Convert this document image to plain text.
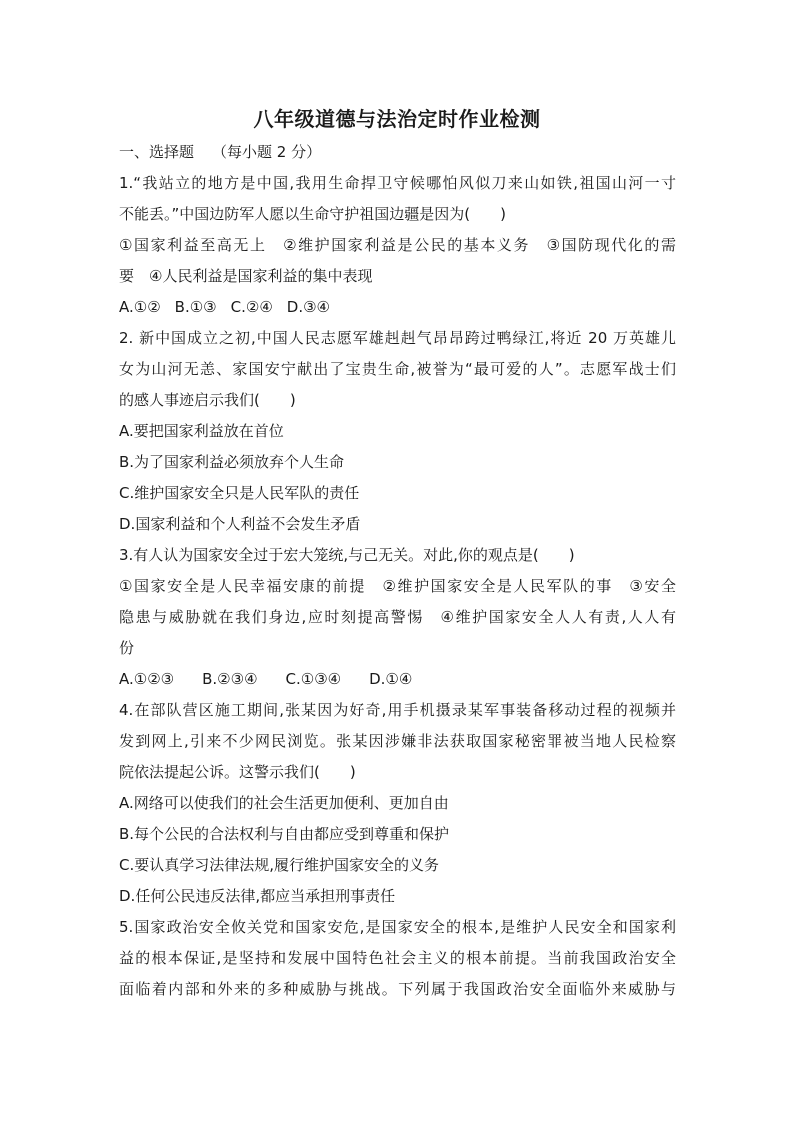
八年级道德与法治定时作业检测
一、选择题 （每小题 2 分）
1.“我站立的地方是中国,我用生命捍卫守候哪怕风似刀来山如铁,祖国山河一寸
不能丢。”中国边防军人愿以生命守护祖国边疆是因为(　　)
①国家利益至高无上　②维护国家利益是公民的基本义务　③国防现代化的需
要　④人民利益是国家利益的集中表现
A.①② B.①③ C.②④ D.③④
2. 新中国成立之初,中国人民志愿军雄赳赳气昂昂跨过鸭绿江,将近 20 万英雄儿
女为山河无恙、家国安宁献出了宝贵生命,被誉为“最可爱的人”。志愿军战士们
的感人事迹启示我们(　　)
A.要把国家利益放在首位
B.为了国家利益必须放弃个人生命
C.维护国家安全只是人民军队的责任
D.国家利益和个人利益不会发生矛盾
3.有人认为国家安全过于宏大笼统,与己无关。对此,你的观点是(　　)
①国家安全是人民幸福安康的前提　②维护国家安全是人民军队的事　③安全
隐患与威胁就在我们身边,应时刻提高警惕　④维护国家安全人人有责,人人有
份
A.①②③ B.②③④ C.①③④ D.①④
4.在部队营区施工期间,张某因为好奇,用手机摄录某军事装备移动过程的视频并
发到网上,引来不少网民浏览。张某因涉嫌非法获取国家秘密罪被当地人民检察
院依法提起公诉。这警示我们(　　)
A.网络可以使我们的社会生活更加便利、更加自由
B.每个公民的合法权利与自由都应受到尊重和保护
C.要认真学习法律法规,履行维护国家安全的义务
D.任何公民违反法律,都应当承担刑事责任
5.国家政治安全攸关党和国家安危,是国家安全的根本,是维护人民安全和国家利
益的根本保证,是坚持和发展中国特色社会主义的根本前提。当前我国政治安全
面临着内部和外来的多种威胁与挑战。下列属于我国政治安全面临外来威胁与
